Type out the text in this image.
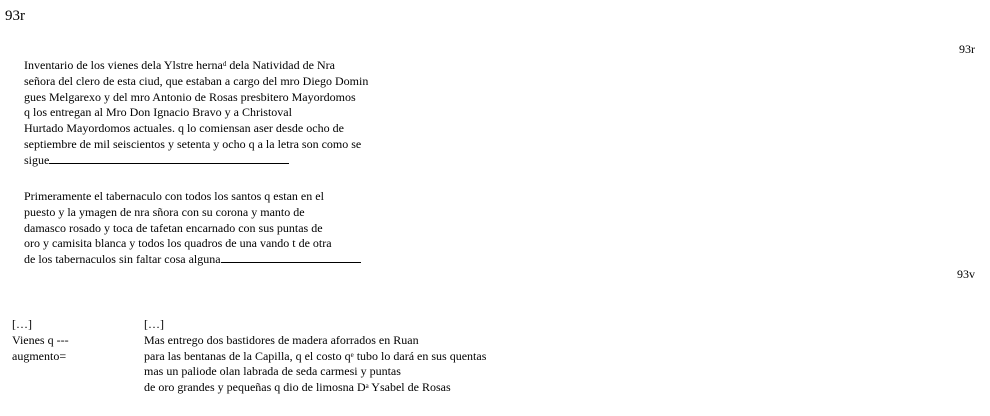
93r
93r
Inventario de los vienes dela Ylstre herna$^d$ dela Natividad de Nra
señora del clero de esta ciud, que estaban a cargo del mro Diego Domin
gues Melgarexo y del mro Antonio de Rosas presbitero Mayordomos
q los entregan al Mro Don Ignacio Bravo y a Christoval
Hurtado Mayordomos actuales. q lo comiensan aser desde ocho de
septiembre de mil seiscientos y setenta y ocho q a la letra son como se
sigue
Primeramente el tabernaculo con todos los santos q estan en el
puesto y la ymagen de nra sñora con su corona y manto de
damasco rosado y toca de tafetan encarnado con sus puntas de
oro y camisita blanca y todos los quadros de una vando t de otra
de los tabernaculos sin faltar cosa alguna
93v
[…]
Vienes q ---
augmento=
[…]
Mas entrego dos bastidores de madera aforrados en Ruan
para las bentanas de la Capilla, q el costo $q^e$ tubo lo dará en sus quentas
mas un paliode olan labrada de seda carmesi y puntas
de oro grandes y pequeñas q dio de limosna $D^a$ Ysabel de Rosas
